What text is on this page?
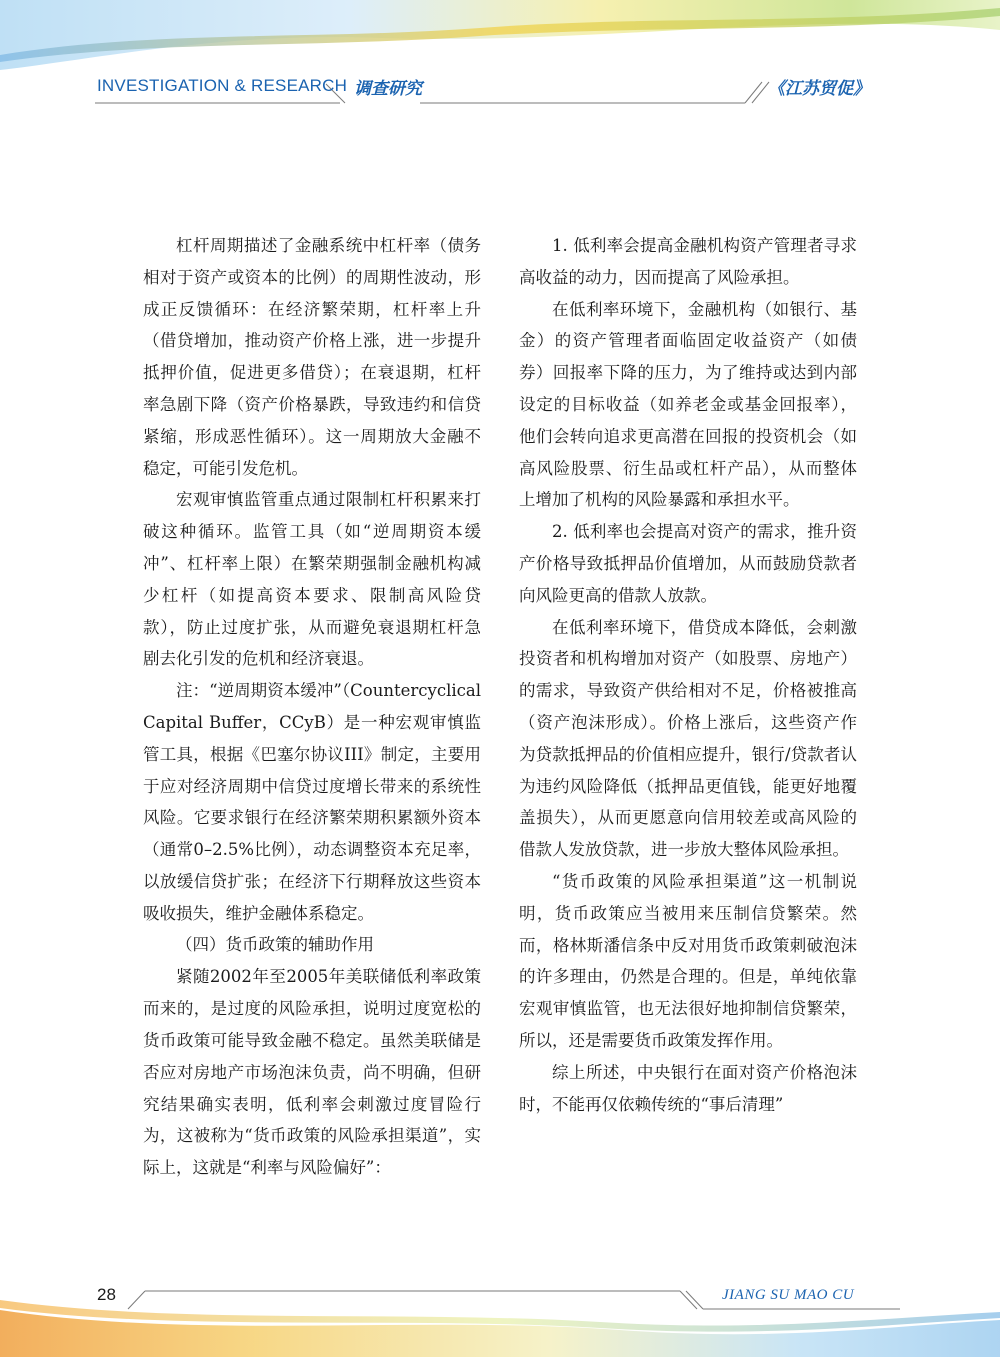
INVESTIGATION & RESEARCH 调查研究	《江苏贸促》

杠杆周期描述了金融系统中杠杆率（债务相对于资产或资本的比例）的周期性波动，形成正反馈循环：在经济繁荣期，杠杆率上升（借贷增加，推动资产价格上涨，进一步提升抵押价值，促进更多借贷）；在衰退期，杠杆率急剧下降（资产价格暴跌，导致违约和信贷紧缩，形成恶性循环）。这一周期放大金融不稳定，可能引发危机。

宏观审慎监管重点通过限制杠杆积累来打破这种循环。监管工具（如“逆周期资本缓冲”、杠杆率上限）在繁荣期强制金融机构减少杠杆（如提高资本要求、限制高风险贷款），防止过度扩张，从而避免衰退期杠杆急剧去化引发的危机和经济衰退。

注：“逆周期资本缓冲”（Countercyclical Capital Buffer，CCyB）是一种宏观审慎监管工具，根据《巴塞尔协议III》制定，主要用于应对经济周期中信贷过度增长带来的系统性风险。它要求银行在经济繁荣期积累额外资本（通常0–2.5%比例），动态调整资本充足率，以放缓信贷扩张；在经济下行期释放这些资本吸收损失，维护金融体系稳定。

（四）货币政策的辅助作用

紧随2002年至2005年美联储低利率政策而来的，是过度的风险承担，说明过度宽松的货币政策可能导致金融不稳定。虽然美联储是否应对房地产市场泡沫负责，尚不明确，但研究结果确实表明，低利率会刺激过度冒险行为，这被称为“货币政策的风险承担渠道”，实际上，这就是“利率与风险偏好”：

1. 低利率会提高金融机构资产管理者寻求高收益的动力，因而提高了风险承担。

在低利率环境下，金融机构（如银行、基金）的资产管理者面临固定收益资产（如债券）回报率下降的压力，为了维持或达到内部设定的目标收益（如养老金或基金回报率），他们会转向追求更高潜在回报的投资机会（如高风险股票、衍生品或杠杆产品），从而整体上增加了机构的风险暴露和承担水平。

2. 低利率也会提高对资产的需求，推升资产价格导致抵押品价值增加，从而鼓励贷款者向风险更高的借款人放款。

在低利率环境下，借贷成本降低，会刺激投资者和机构增加对资产（如股票、房地产）的需求，导致资产供给相对不足，价格被推高（资产泡沫形成）。价格上涨后，这些资产作为贷款抵押品的价值相应提升，银行/贷款者认为违约风险降低（抵押品更值钱，能更好地覆盖损失），从而更愿意向信用较差或高风险的借款人发放贷款，进一步放大整体风险承担。

“货币政策的风险承担渠道”这一机制说明，货币政策应当被用来压制信贷繁荣。然而，格林斯潘信条中反对用货币政策刺破泡沫的许多理由，仍然是合理的。但是，单纯依靠宏观审慎监管，也无法很好地抑制信贷繁荣，所以，还是需要货币政策发挥作用。

综上所述，中央银行在面对资产价格泡沫时，不能再仅依赖传统的“事后清理”

28	JIANG SU MAO CU
